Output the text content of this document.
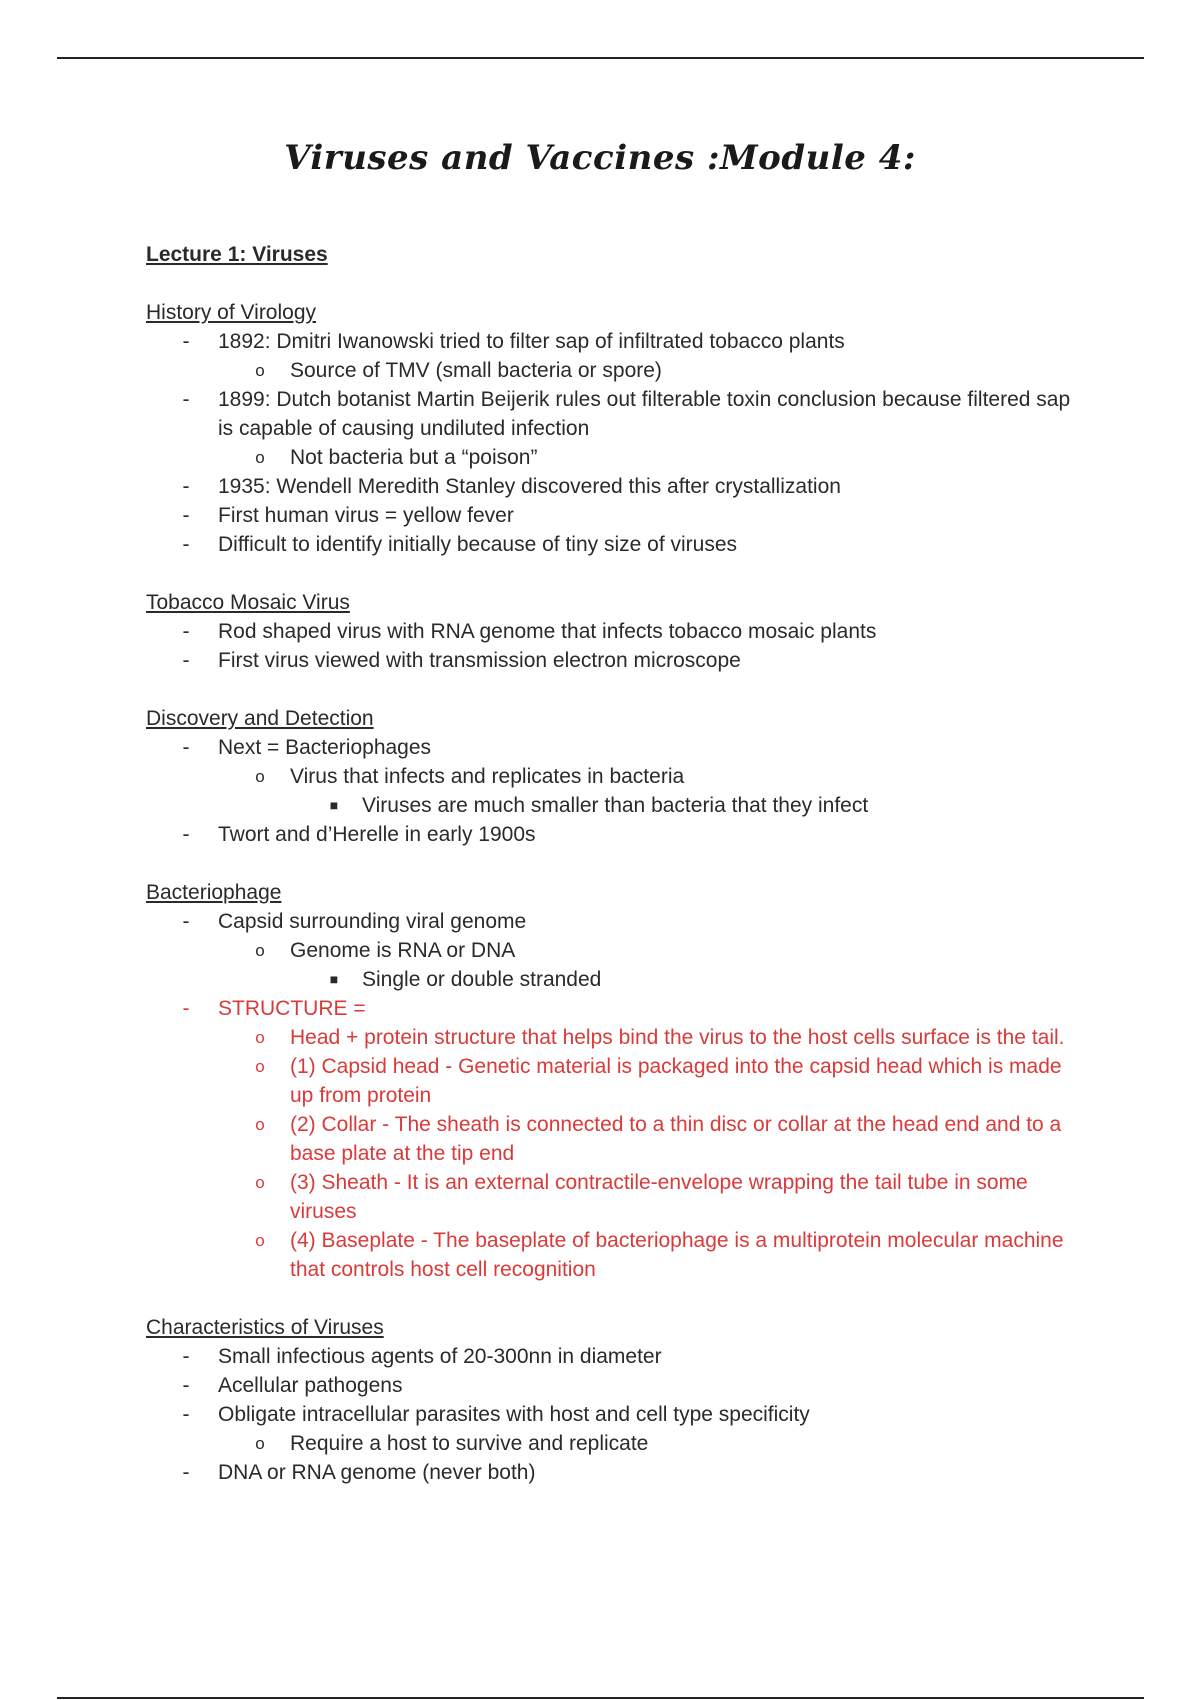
Viruses and Vaccines :Module 4:
Lecture 1: Viruses
History of Virology
-	1892: Dmitri Iwanowski tried to filter sap of infiltrated tobacco plants
o Source of TMV (small bacteria or spore)
-	1899: Dutch botanist Martin Beijerik rules out filterable toxin conclusion because filtered sap is capable of causing undiluted infection
o Not bacteria but a “poison”
-	1935: Wendell Meredith Stanley discovered this after crystallization
-	First human virus = yellow fever
-	Difficult to identify initially because of tiny size of viruses
Tobacco Mosaic Virus
-	Rod shaped virus with RNA genome that infects tobacco mosaic plants
-	First virus viewed with transmission electron microscope
Discovery and Detection
-	Next = Bacteriophages
o Virus that infects and replicates in bacteria
■ Viruses are much smaller than bacteria that they infect
-	Twort and d’Herelle in early 1900s
Bacteriophage
-	Capsid surrounding viral genome
o Genome is RNA or DNA
■ Single or double stranded
-	STRUCTURE =
o Head + protein structure that helps bind the virus to the host cells surface is the tail.
o (1) Capsid head - Genetic material is packaged into the capsid head which is made up from protein
o (2) Collar - The sheath is connected to a thin disc or collar at the head end and to a base plate at the tip end
o (3) Sheath - It is an external contractile-envelope wrapping the tail tube in some viruses
o (4) Baseplate - The baseplate of bacteriophage is a multiprotein molecular machine that controls host cell recognition
Characteristics of Viruses
-	Small infectious agents of 20-300nn in diameter
-	Acellular pathogens
-	Obligate intracellular parasites with host and cell type specificity
o Require a host to survive and replicate
-	DNA or RNA genome (never both)
